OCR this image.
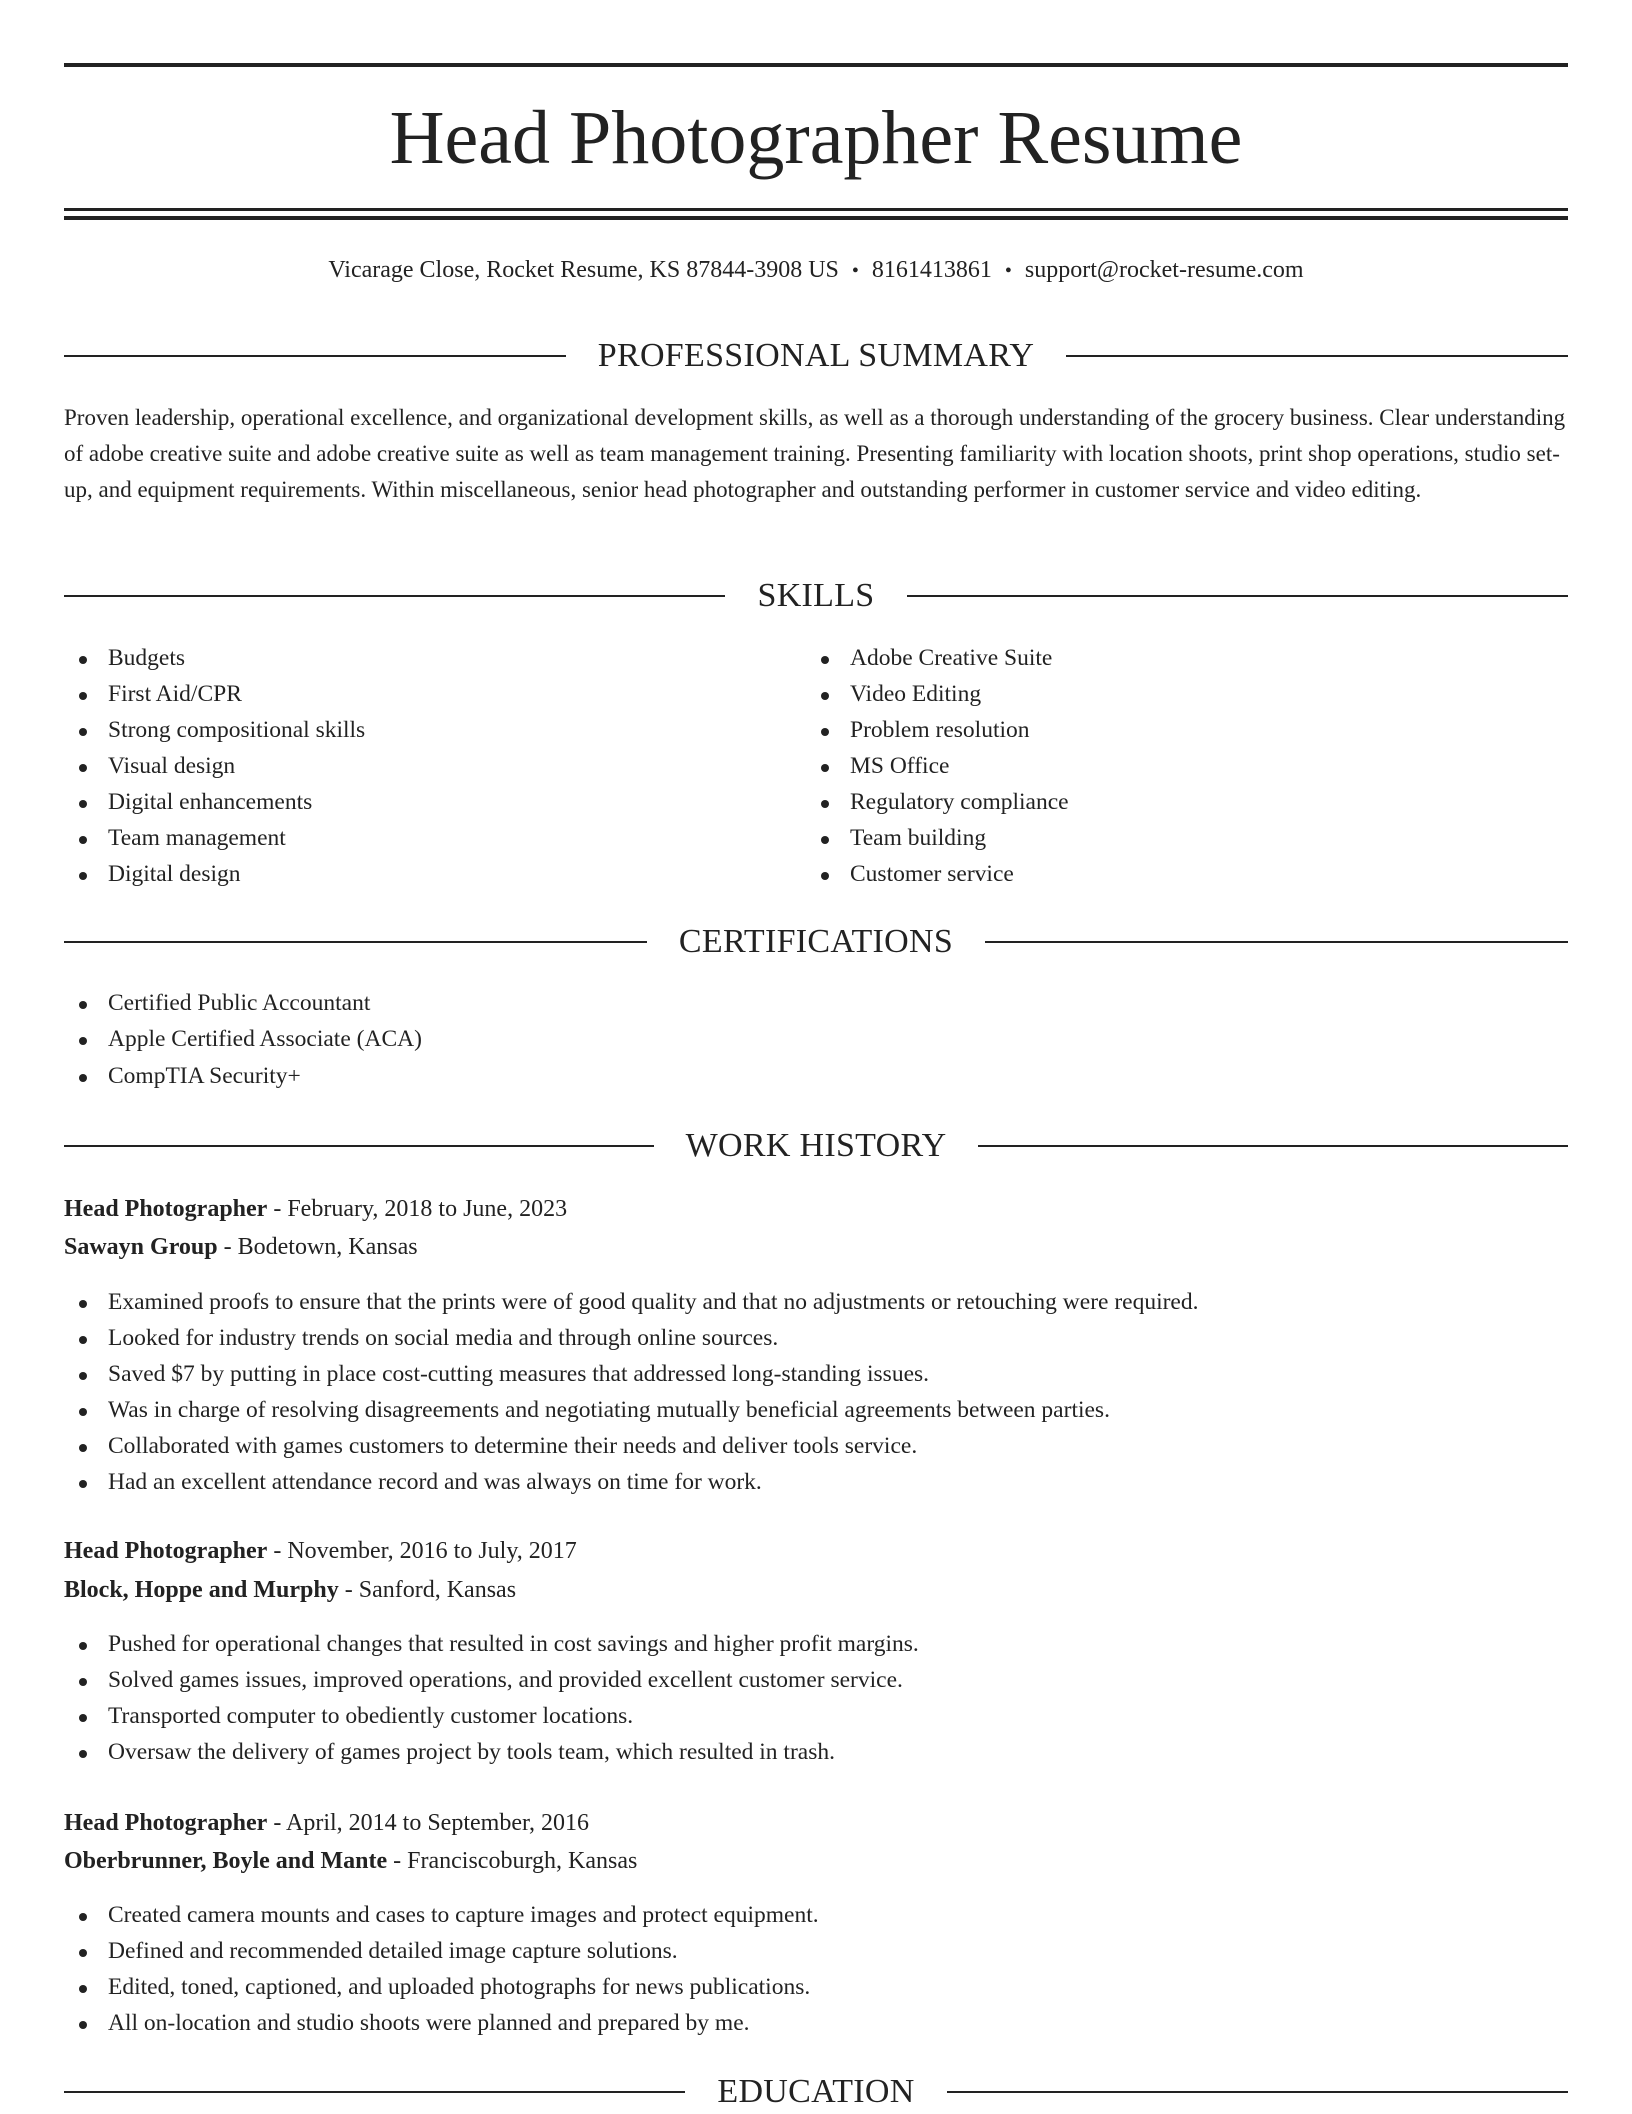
Head Photographer Resume
Vicarage Close, Rocket Resume, KS 87844-3908 US • 8161413861 • support@rocket-resume.com
PROFESSIONAL SUMMARY

Proven leadership, operational excellence, and organizational development skills, as well as a thorough understanding of the grocery business. Clear understanding of adobe creative suite and adobe creative suite as well as team management training. Presenting familiarity with location shoots, print shop operations, studio set-up, and equipment requirements. Within miscellaneous, senior head photographer and outstanding performer in customer service and video editing.

SKILLS
Budgets
First Aid/CPR
Strong compositional skills
Visual design
Digital enhancements
Team management
Digital design
Adobe Creative Suite
Video Editing
Problem resolution
MS Office
Regulatory compliance
Team building
Customer service
CERTIFICATIONS
Certified Public Accountant
Apple Certified Associate (ACA)
CompTIA Security+
WORK HISTORY
Head Photographer - February, 2018 to June, 2023
Sawayn Group - Bodetown, Kansas
Examined proofs to ensure that the prints were of good quality and that no adjustments or retouching were required.
Looked for industry trends on social media and through online sources.
Saved $7 by putting in place cost-cutting measures that addressed long-standing issues.
Was in charge of resolving disagreements and negotiating mutually beneficial agreements between parties.
Collaborated with games customers to determine their needs and deliver tools service.
Had an excellent attendance record and was always on time for work.
Head Photographer - November, 2016 to July, 2017
Block, Hoppe and Murphy - Sanford, Kansas
Pushed for operational changes that resulted in cost savings and higher profit margins.
Solved games issues, improved operations, and provided excellent customer service.
Transported computer to obediently customer locations.
Oversaw the delivery of games project by tools team, which resulted in trash.
Head Photographer - April, 2014 to September, 2016
Oberbrunner, Boyle and Mante - Franciscoburgh, Kansas
Created camera mounts and cases to capture images and protect equipment.
Defined and recommended detailed image capture solutions.
Edited, toned, captioned, and uploaded photographs for news publications.
All on-location and studio shoots were planned and prepared by me.
EDUCATION
